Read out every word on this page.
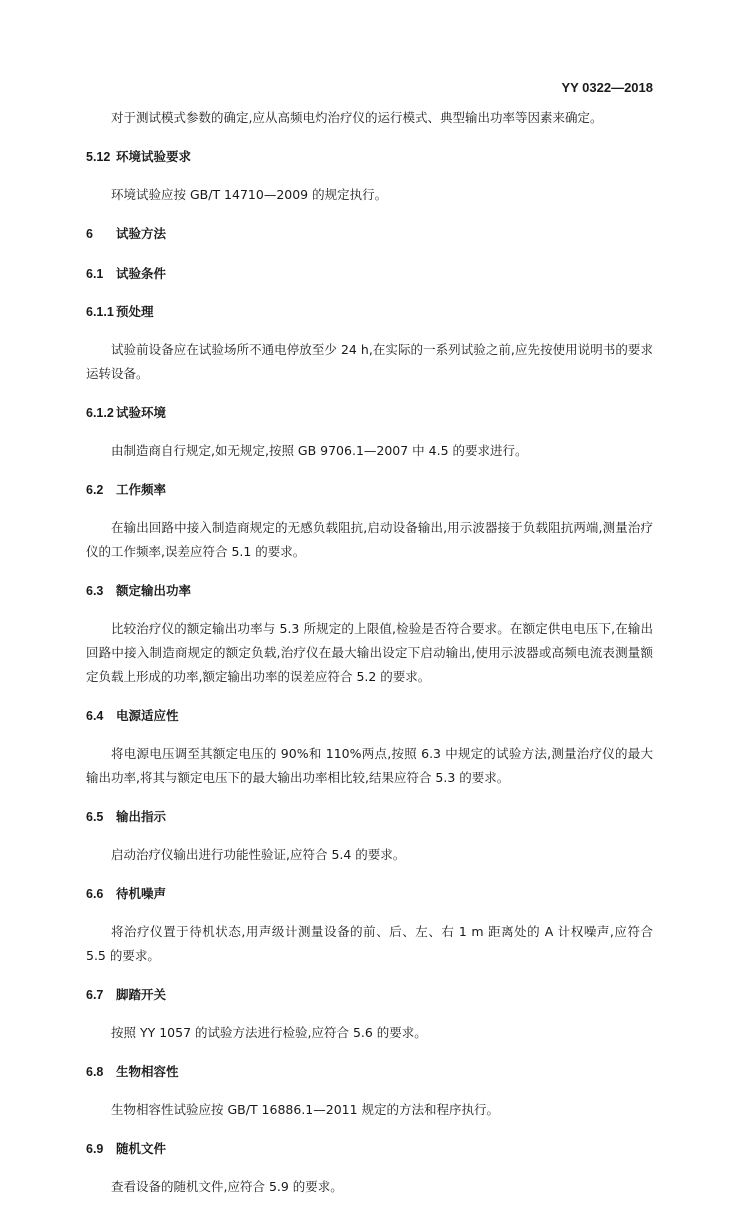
YY 0322—2018

对于测试模式参数的确定,应从高频电灼治疗仪的运行模式、典型输出功率等因素来确定。

5.12 环境试验要求

环境试验应按 GB/T 14710—2009 的规定执行。

6 试验方法
6.1 试验条件
6.1.1 预处理

试验前设备应在试验场所不通电停放至少 24 h,在实际的一系列试验之前,应先按使用说明书的要求运转设备。

6.1.2 试验环境

由制造商自行规定,如无规定,按照 GB 9706.1—2007 中 4.5 的要求进行。

6.2 工作频率

在输出回路中接入制造商规定的无感负载阻抗,启动设备输出,用示波器接于负载阻抗两端,测量治疗仪的工作频率,误差应符合 5.1 的要求。

6.3 额定输出功率

比较治疗仪的额定输出功率与 5.3 所规定的上限值,检验是否符合要求。在额定供电电压下,在输出回路中接入制造商规定的额定负载,治疗仪在最大输出设定下启动输出,使用示波器或高频电流表测量额定负载上形成的功率,额定输出功率的误差应符合 5.2 的要求。

6.4 电源适应性

将电源电压调至其额定电压的 90%和 110%两点,按照 6.3 中规定的试验方法,测量治疗仪的最大输出功率,将其与额定电压下的最大输出功率相比较,结果应符合 5.3 的要求。

6.5 输出指示

启动治疗仪输出进行功能性验证,应符合 5.4 的要求。

6.6 待机噪声

将治疗仪置于待机状态,用声级计测量设备的前、后、左、右 1 m 距离处的 A 计权噪声,应符合 5.5 的要求。

6.7 脚踏开关

按照 YY 1057 的试验方法进行检验,应符合 5.6 的要求。

6.8 生物相容性

生物相容性试验应按 GB/T 16886.1—2011 规定的方法和程序执行。

6.9 随机文件

查看设备的随机文件,应符合 5.9 的要求。
